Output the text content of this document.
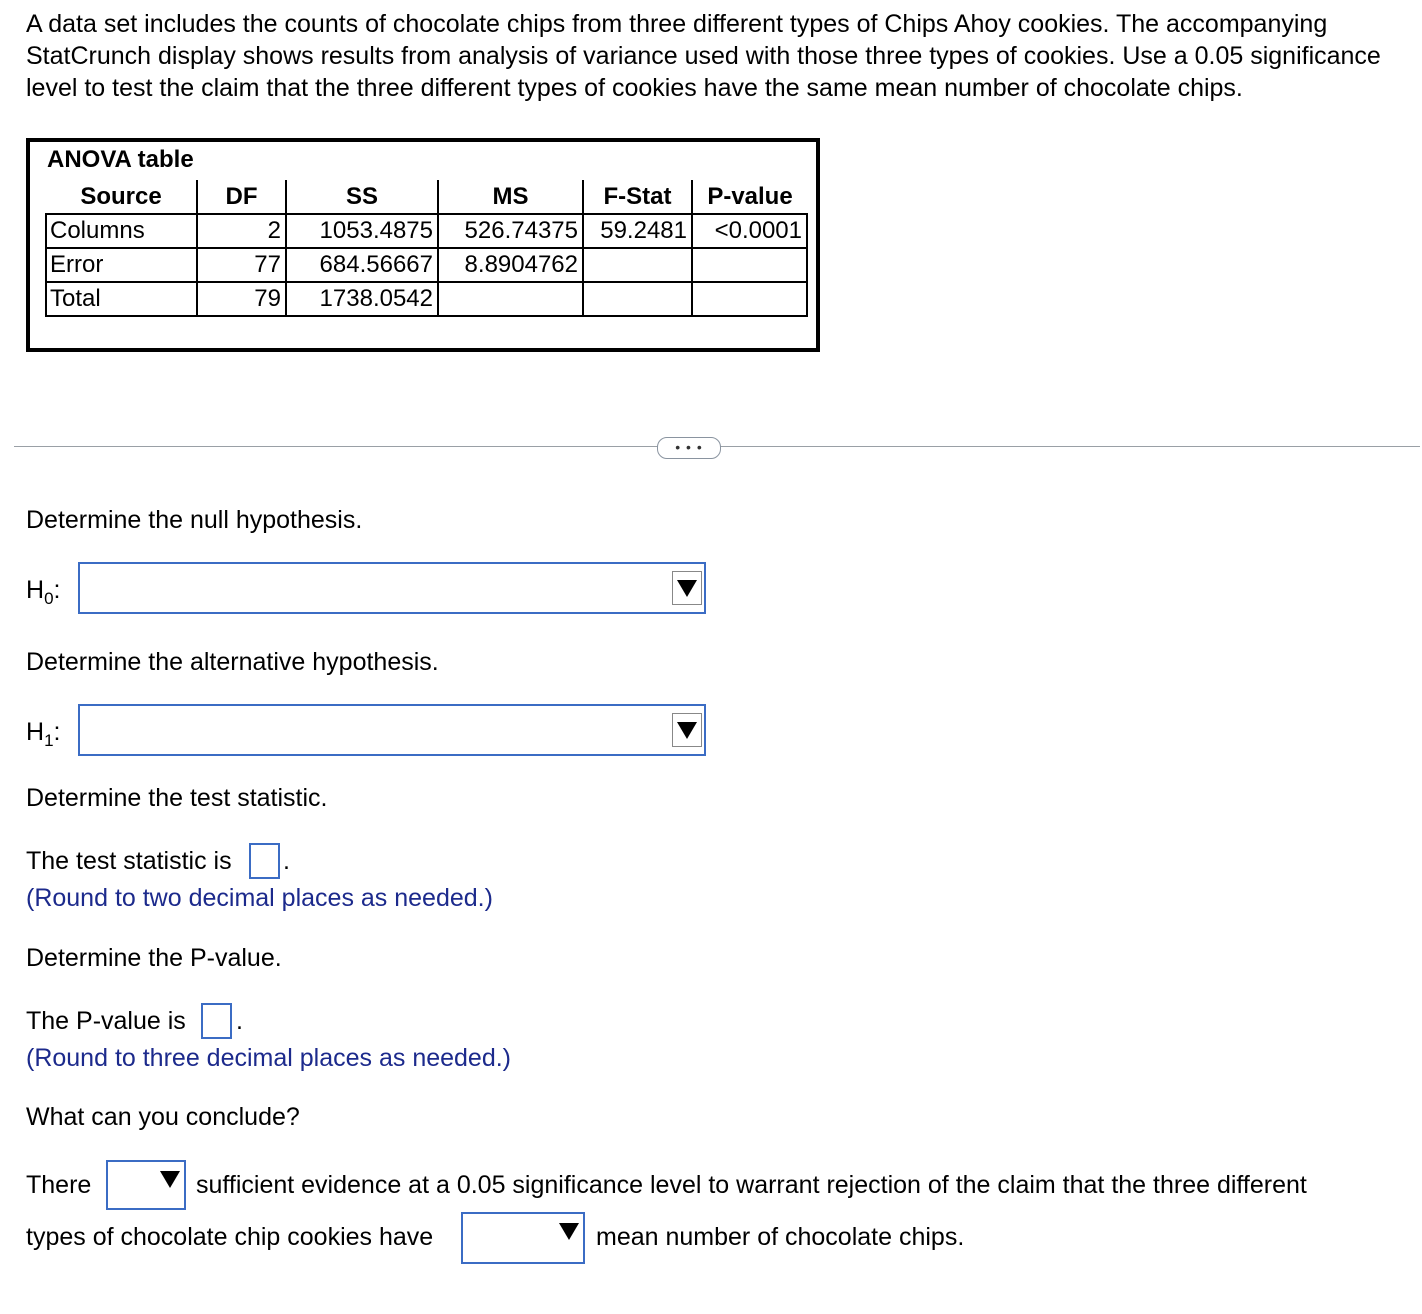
A data set includes the counts of chocolate chips from three different types of Chips Ahoy cookies. The accompanying StatCrunch display shows results from analysis of variance used with those three types of cookies. Use a 0.05 significance level to test the claim that the three different types of cookies have the same mean number of chocolate chips.
ANOVA table
Source	DF	SS	MS	F-Stat	P-value
Columns	2	1053.4875	526.74375	59.2481	<0.0001
Error	77	684.56667	8.8904762		
Total	79	1738.0542			
• • •
Determine the null hypothesis.
$H_0$:
Determine the alternative hypothesis.
$H_1$:
Determine the test statistic.
The test statistic is .
(Round to two decimal places as needed.)
Determine the P-value.
The P-value is .
(Round to three decimal places as needed.)
What can you conclude?
There	sufficient evidence at a 0.05 significance level to warrant rejection of the claim that the three different
types of chocolate chip cookies have	mean number of chocolate chips.
